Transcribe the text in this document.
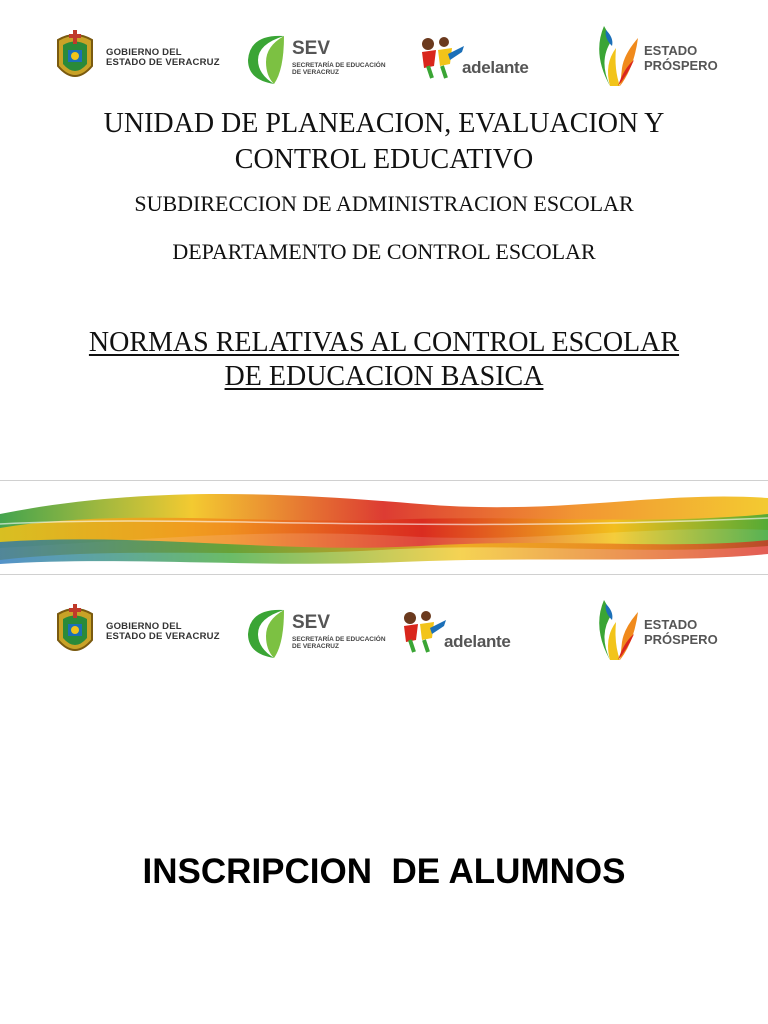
GOBIERNO DEL
ESTADO DE VERACRUZ
SEV
SECRETARÍA DE EDUCACIÓN
DE VERACRUZ	adelante
ESTADO
PRÓSPERO
UNIDAD DE PLANEACION, EVALUACION Y
CONTROL EDUCATIVO
SUBDIRECCION DE ADMINISTRACION ESCOLAR
DEPARTAMENTO DE CONTROL ESCOLAR
NORMAS RELATIVAS AL CONTROL ESCOLAR
DE EDUCACION BASICA
GOBIERNO DEL
ESTADO DE VERACRUZ
SEV
SECRETARÍA DE EDUCACIÓN
DE VERACRUZ	adelante
ESTADO
PRÓSPERO
INSCRIPCION  DE ALUMNOS
